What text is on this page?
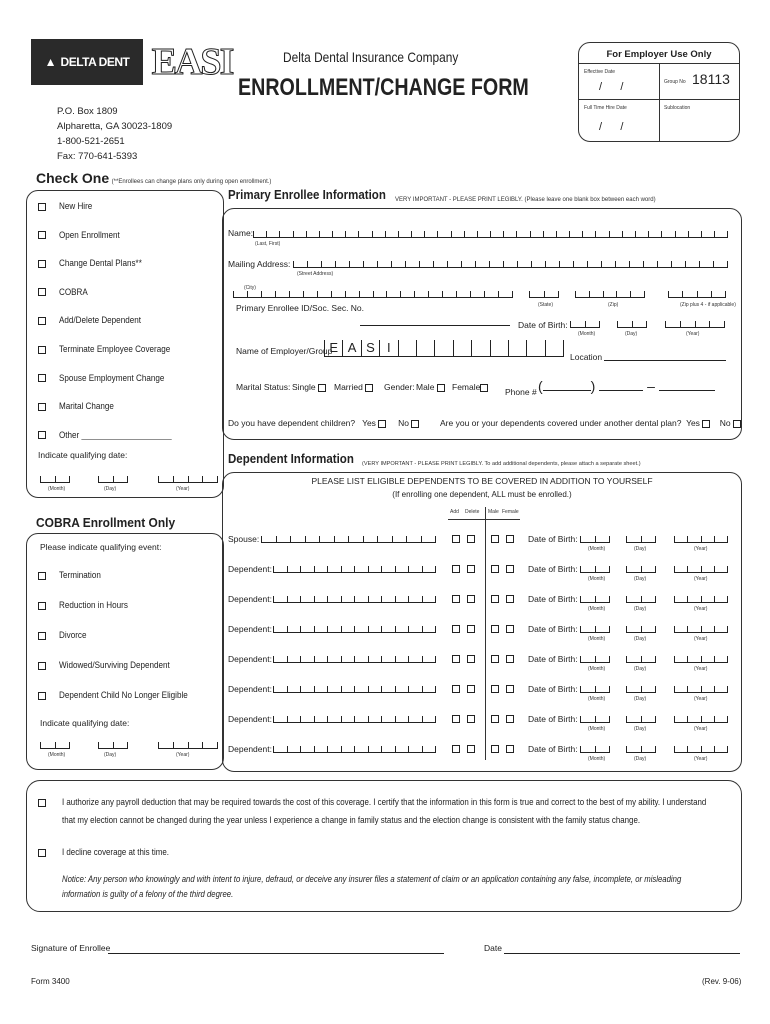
▲ DELTA DENT EASI	Delta Dental Insurance Company
ENROLLMENT/CHANGE FORM
P.O. Box 1809
Alpharetta, GA 30023-1809
1-800-521-2651
Fax: 770-641-5393
For Employer Use Only
Effective Date
/      /	Group No 18113
Full Time Hire Date
/      /
Sublocation
Check One (**Enrollees can change plans only during open enrollment.)
New Hire
Open Enrollment
Change Dental Plans**
COBRA
Add/Delete Dependent
Terminate Employee Coverage
Spouse Employment Change
Marital Change
Other ____________________
Indicate qualifying date:
(Month)	(Day)	(Year)
COBRA Enrollment Only
Please indicate qualifying event:
Termination
Reduction in Hours
Divorce
Widowed/Surviving Dependent
Dependent Child No Longer Eligible
Indicate qualifying date:
(Month)	(Day)	(Year)
Primary Enrollee Information VERY IMPORTANT - PLEASE PRINT LEGIBLY. (Please leave one blank box between each word)
Name:
(Last, First)
Mailing Address:
(Street Address)
(City)
(State)	(Zip)	(Zip plus 4 - if applicable)
Primary Enrollee ID/Soc. Sec. No.
Date of Birth:
(Month)	(Day)	(Year)
Name of Employer/Group
E A S I
Location
Marital Status: Single	Married	Gender: Male	Female	Phone # (	)	–
Do you have dependent children? Yes	No	Are you or your dependents covered under another dental plan? Yes No
Dependent Information (VERY IMPORTANT - PLEASE PRINT LEGIBLY. To add additional dependents, please attach a separate sheet.)
PLEASE LIST ELIGIBLE DEPENDENTS TO BE COVERED IN ADDITION TO YOURSELF
(If enrolling one dependent, ALL must be enrolled.)
Add Delete Male Female
Spouse:	Date of Birth:
(Month)	(Day)	(Year)
Dependent:	Date of Birth:
(Month)	(Day)	(Year)
Dependent:	Date of Birth:
(Month)	(Day)	(Year)
Dependent:	Date of Birth:
(Month)	(Day)	(Year)
Dependent:	Date of Birth:
(Month)	(Day)	(Year)
Dependent:	Date of Birth:
(Month)	(Day)	(Year)
Dependent:	Date of Birth:
(Month)	(Day)	(Year)
Dependent:	Date of Birth:
(Month)	(Day)	(Year)
I authorize any payroll deduction that may be required towards the cost of this coverage. I certify that the information in this form is true and correct to the best of my ability. I understand
that my election cannot be changed during the year unless I experience a change in family status and the election change is consistent with the family status change.
I decline coverage at this time.
Notice: Any person who knowingly and with intent to injure, defraud, or deceive any insurer files a statement of claim or an application containing any false, incomplete, or misleading
information is guilty of a felony of the third degree.
Signature of Enrollee	Date
Form 3400	(Rev. 9-06)
